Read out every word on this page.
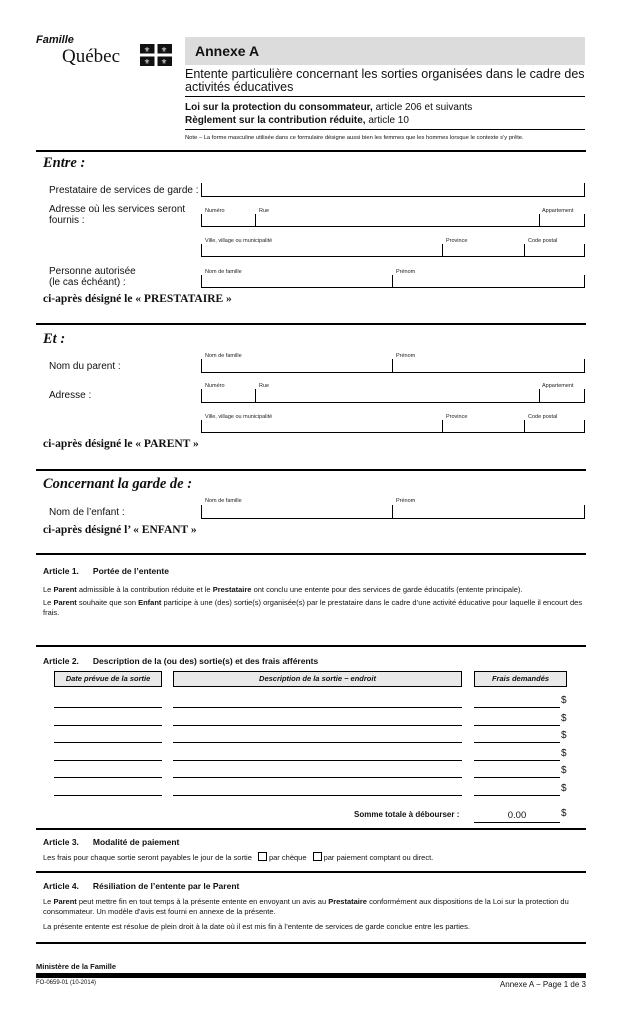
Famille
Québec	⚜ ⚜
⚜ ⚜
Annexe A
Entente particulière concernant les sorties organisées dans le cadre des activités éducatives
Loi sur la protection du consommateur, article 206 et suivants
Règlement sur la contribution réduite, article 10
Note – La forme masculine utilisée dans ce formulaire désigne aussi bien les femmes que les hommes lorsque le contexte s’y prête.
Entre :
Prestataire de services de garde :
Adresse où les services seront fournis :
Numéro	Rue	Appartement
Ville, village ou municipalité	Province	Code postal
Personne autorisée
(le cas échéant) :
Nom de famille	Prénom
ci-après désigné le « PRESTATAIRE »
Et :
Nom de famille	Prénom
Nom du parent :
Numéro	Rue	Appartement
Adresse :
Ville, village ou municipalité	Province	Code postal
ci-après désigné le « PARENT »
Concernant la garde de :
Nom de famille	Prénom
Nom de l’enfant :
ci-après désigné l’ « ENFANT »
Article 1. Portée de l’entente
Le Parent admissible à la contribution réduite et le Prestataire ont conclu une entente pour des services de garde éducatifs (entente principale).
Le Parent souhaite que son Enfant participe à une (des) sortie(s) organisée(s) par le prestataire dans le cadre d’une activité éducative pour laquelle il encourt des frais.
Article 2. Description de la (ou des) sortie(s) et des frais afférents
Date prévue de la sortie	Description de la sortie − endroit	Frais demandés
$
$
$
$
$
$
Somme totale à débourser :	0.00	$
Article 3. Modalité de paiement
Les frais pour chaque sortie seront payables le jour de la sortie par chèque par paiement comptant ou direct.
Article 4. Résiliation de l’entente par le Parent
Le Parent peut mettre fin en tout temps à la présente entente en envoyant un avis au Prestataire conformément aux dispositions de la Loi sur la protection du consommateur. Un modèle d’avis est fourni en annexe de la présente.
La présente entente est résolue de plein droit à la date où il est mis fin à l’entente de services de garde conclue entre les parties.
Ministère de la Famille
FO-0659-01 (10-2014)	Annexe A − Page 1 de 3
